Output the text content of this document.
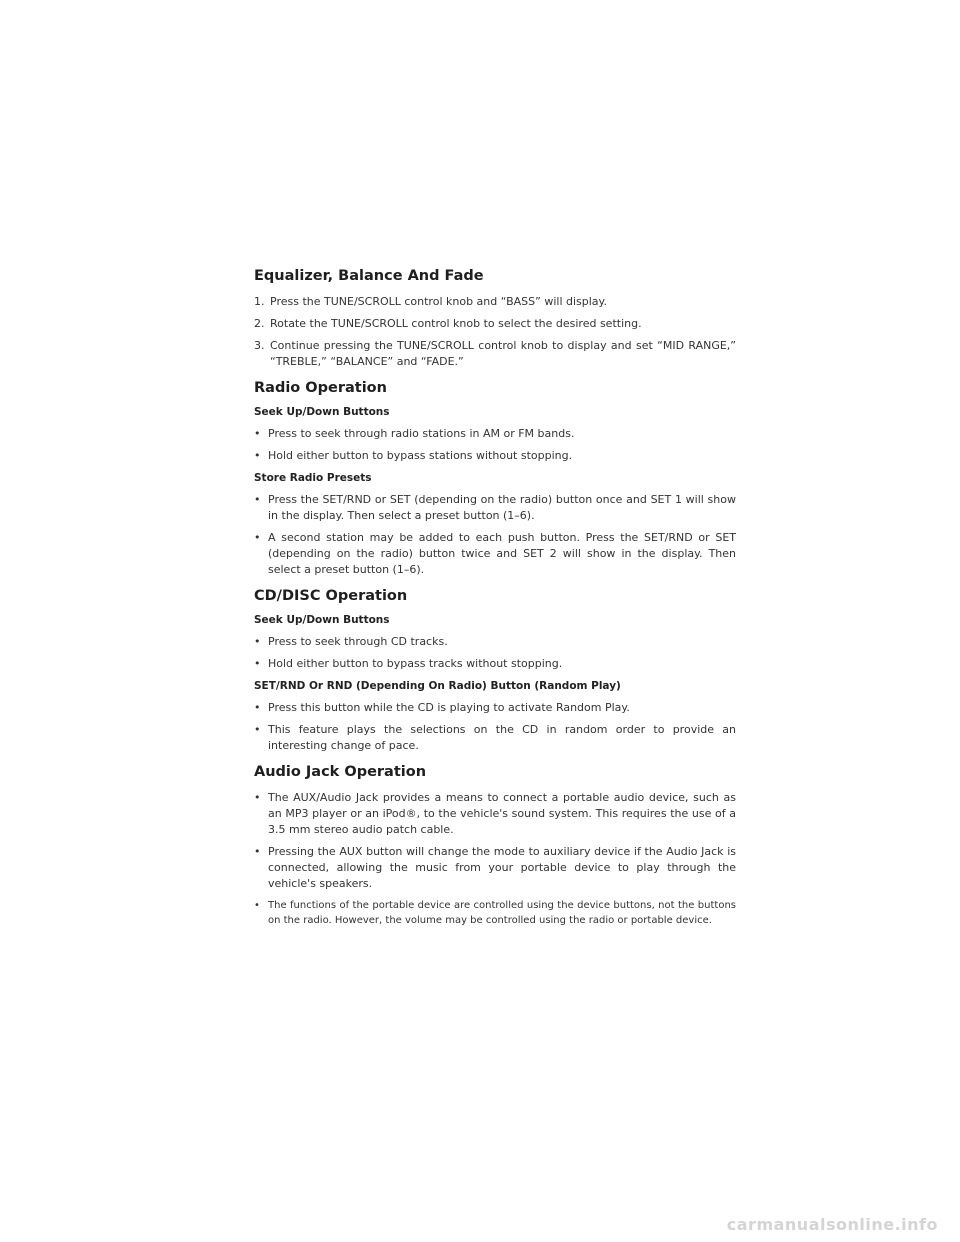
Equalizer, Balance And Fade

1. Press the TUNE/SCROLL control knob and “BASS” will display.

2. Rotate the TUNE/SCROLL control knob to select the desired setting.

3. Continue pressing the TUNE/SCROLL control knob to display and set “MID RANGE,” “TREBLE,” “BALANCE” and “FADE.”

Radio Operation
Seek Up/Down Buttons

• Press to seek through radio stations in AM or FM bands.

• Hold either button to bypass stations without stopping.

Store Radio Presets

• Press the SET/RND or SET (depending on the radio) button once and SET 1 will show in the display. Then select a preset button (1–6).

• A second station may be added to each push button. Press the SET/RND or SET (depending on the radio) button twice and SET 2 will show in the display. Then select a preset button (1–6).

CD/DISC Operation
Seek Up/Down Buttons

• Press to seek through CD tracks.

• Hold either button to bypass tracks without stopping.

SET/RND Or RND (Depending On Radio) Button (Random Play)

• Press this button while the CD is playing to activate Random Play.

• This feature plays the selections on the CD in random order to provide an interesting change of pace.

Audio Jack Operation

• The AUX/Audio Jack provides a means to connect a portable audio device, such as an MP3 player or an iPod®, to the vehicle's sound system. This requires the use of a 3.5 mm stereo audio patch cable.

• Pressing the AUX button will change the mode to auxiliary device if the Audio Jack is connected, allowing the music from your portable device to play through the vehicle's speakers.

• The functions of the portable device are controlled using the device buttons, not the buttons on the radio. However, the volume may be controlled using the radio or portable device.

carmanualsonline.info
